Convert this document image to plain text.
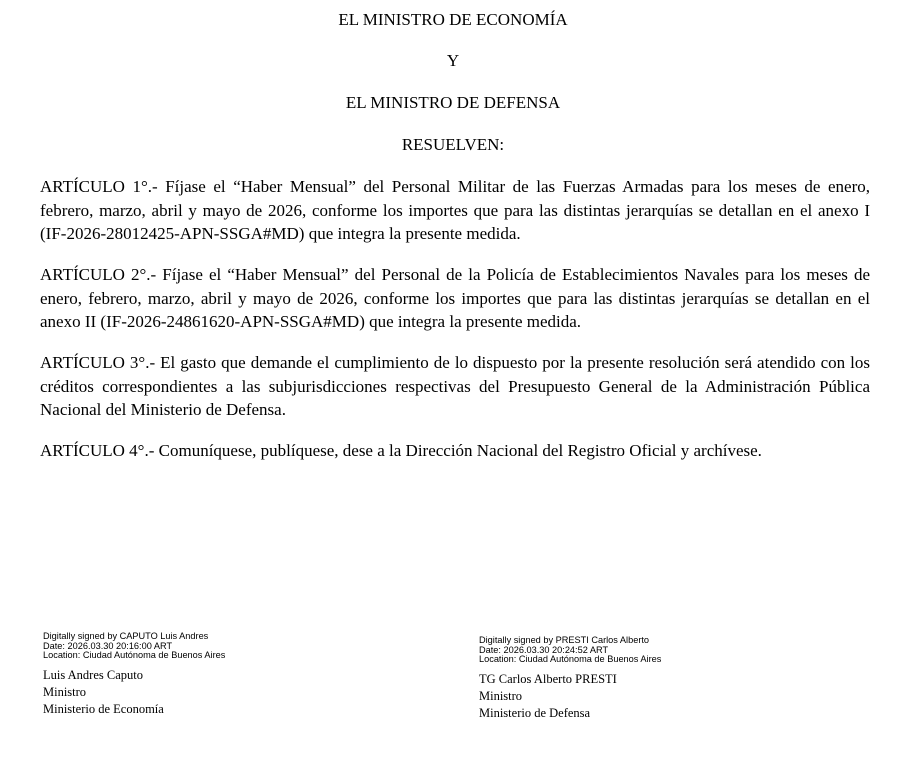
EL MINISTRO DE ECONOMÍA
Y
EL MINISTRO DE DEFENSA
RESUELVEN:

ARTÍCULO 1°.- Fíjase el “Haber Mensual” del Personal Militar de las Fuerzas Armadas para los meses de enero, febrero, marzo, abril y mayo de 2026, conforme los importes que para las distintas jerarquías se detallan en el anexo I (IF-2026-28012425-APN-SSGA#MD) que integra la presente medida.

ARTÍCULO 2°.- Fíjase el “Haber Mensual” del Personal de la Policía de Establecimientos Navales para los meses de enero, febrero, marzo, abril y mayo de 2026, conforme los importes que para las distintas jerarquías se detallan en el anexo II (IF-2026-24861620-APN-SSGA#MD) que integra la presente medida.

ARTÍCULO 3°.- El gasto que demande el cumplimiento de lo dispuesto por la presente resolución será atendido con los créditos correspondientes a las subjurisdicciones respectivas del Presupuesto General de la Administración Pública Nacional del Ministerio de Defensa.

ARTÍCULO 4°.- Comuníquese, publíquese, dese a la Dirección Nacional del Registro Oficial y archívese.

Digitally signed by CAPUTO Luis Andres
Date: 2026.03.30 20:16:00 ART
Location: Ciudad Autónoma de Buenos Aires
Luis Andres Caputo
Ministro
Ministerio de Economía
Digitally signed by PRESTI Carlos Alberto
Date: 2026.03.30 20:24:52 ART
Location: Ciudad Autónoma de Buenos Aires
TG Carlos Alberto PRESTI
Ministro
Ministerio de Defensa
